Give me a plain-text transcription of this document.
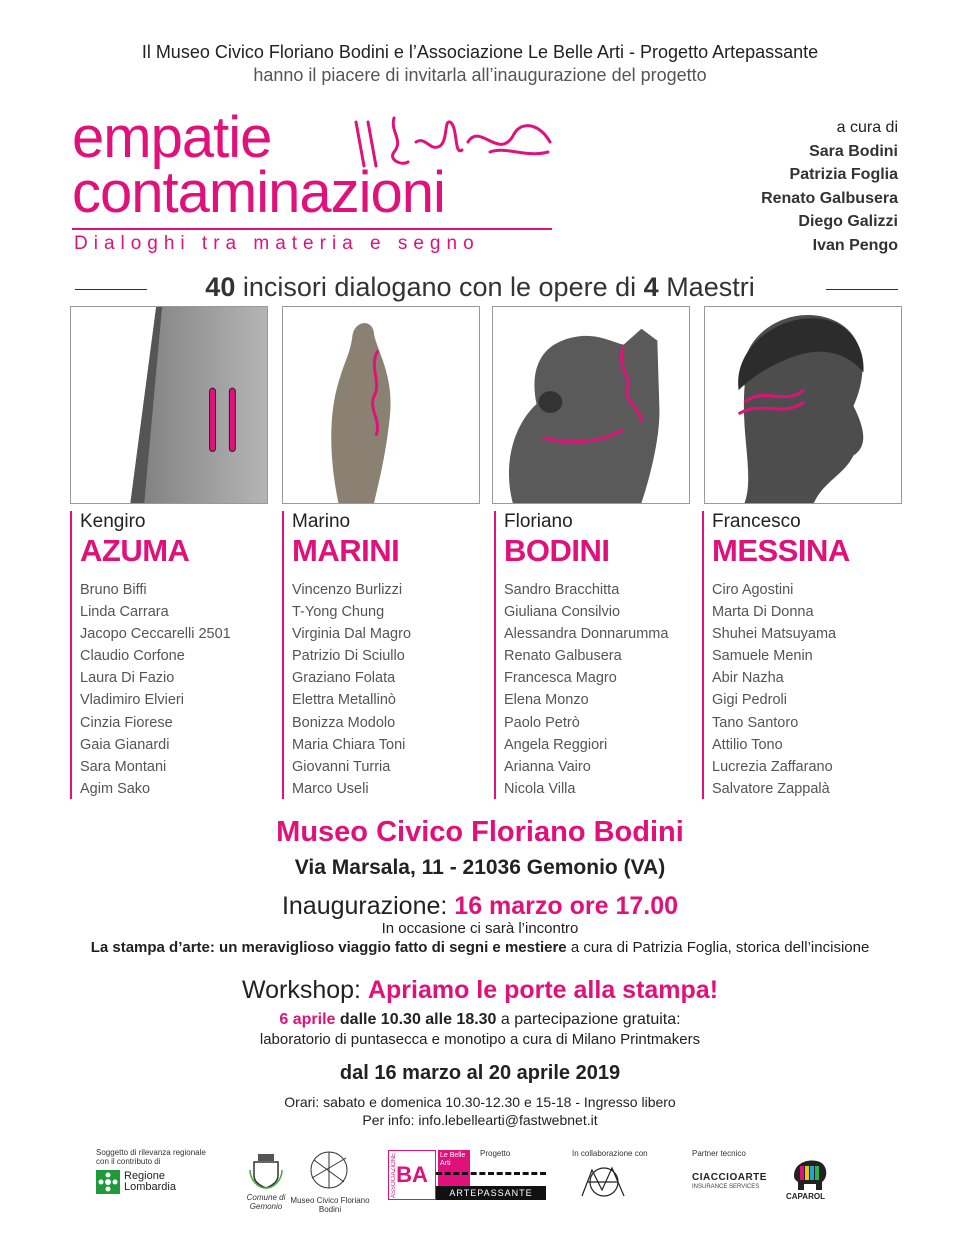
Il Museo Civico Floriano Bodini e l’Associazione Le Belle Arti - Progetto Artepassante
hanno il piacere di invitarla all’inaugurazione del progetto
empatie
contaminazioni
Dialoghi tra materia e segno
a cura di
Sara Bodini
Patrizia Foglia
Renato Galbusera
Diego Galizzi
Ivan Pengo
40 incisori dialogano con le opere di 4 Maestri
Kengiro
AZUMA
Bruno Biffi
Linda Carrara
Jacopo Ceccarelli 2501
Claudio Corfone
Laura Di Fazio
Vladimiro Elvieri
Cinzia Fiorese
Gaia Gianardi
Sara Montani
Agim Sako
Marino
MARINI
Vincenzo Burlizzi
T-Yong Chung
Virginia Dal Magro
Patrizio Di Sciullo
Graziano Folata
Elettra Metallinò
Bonizza Modolo
Maria Chiara Toni
Giovanni Turria
Marco Useli
Floriano
BODINI
Sandro Bracchitta
Giuliana Consilvio
Alessandra Donnarumma
Renato Galbusera
Francesca Magro
Elena Monzo
Paolo Petrò
Angela Reggiori
Arianna Vairo
Nicola Villa
Francesco
MESSINA
Ciro Agostini
Marta Di Donna
Shuhei Matsuyama
Samuele Menin
Abir Nazha
Gigi Pedroli
Tano Santoro
Attilio Tono
Lucrezia Zaffarano
Salvatore Zappalà
Museo Civico Floriano Bodini
Via Marsala, 11 - 21036 Gemonio (VA)
Inaugurazione: 16 marzo ore 17.00
In occasione ci sarà l’incontro
La stampa d’arte: un meraviglioso viaggio fatto di segni e mestiere a cura di Patrizia Foglia, storica dell’incisione
Workshop: Apriamo le porte alla stampa!
6 aprile dalle 10.30 alle 18.30 a partecipazione gratuita:
laboratorio di puntasecca e monotipo a cura di Milano Printmakers
dal 16 marzo al 20 aprile 2019
Orari: sabato e domenica 10.30-12.30 e 15-18 - Ingresso libero
Per info: info.lebellearti@fastwebnet.it
Soggetto di rilevanza regionale
con il contributo di
Regione
Lombardia
Comune di Gemonio
Museo Civico Floriano Bodini
ASSOCIAZIONE BA
Le Belle Arti
Progetto
ARTEPASSANTE
In collaborazione con	Partner tecnico
CIACCIOARTE
INSURANCE SERVICES
CAPAROL
